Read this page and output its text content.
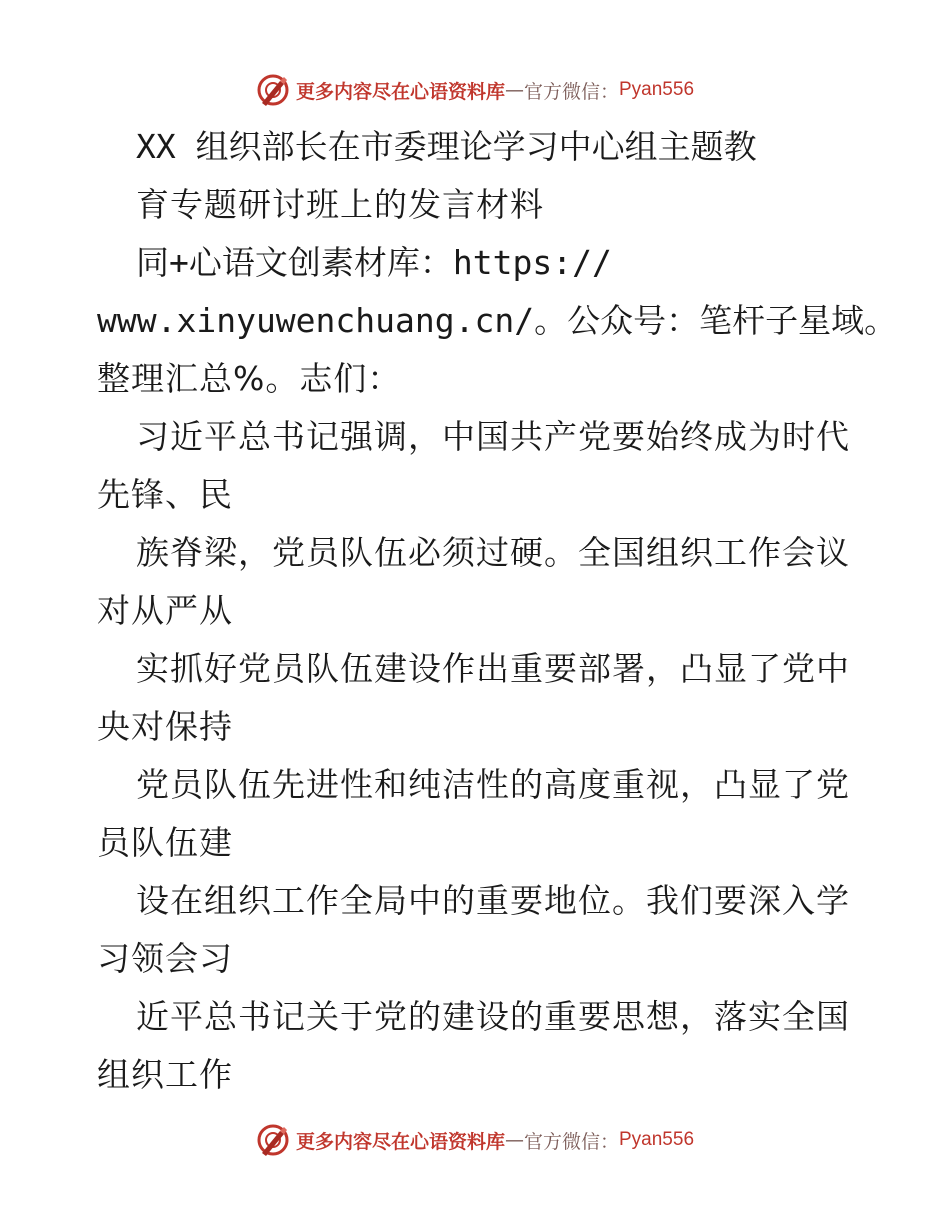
更多内容尽在心语资料库 — 官方微信： Pyan556
XX 组织部长在市委理论学习中心组主题教
育专题研讨班上的发言材料
同+心语文创素材库：https://
www.xinyuwenchuang.cn/。公众号：笔杆子星域。
整理汇总%。志们：
习近平总书记强调，中国共产党要始终成为时代
先锋、民
族脊梁，党员队伍必须过硬。全国组织工作会议
对从严从
实抓好党员队伍建设作出重要部署，凸显了党中
央对保持
党员队伍先进性和纯洁性的高度重视，凸显了党
员队伍建
设在组织工作全局中的重要地位。我们要深入学
习领会习
近平总书记关于党的建设的重要思想，落实全国
组织工作
更多内容尽在心语资料库 — 官方微信： Pyan556
